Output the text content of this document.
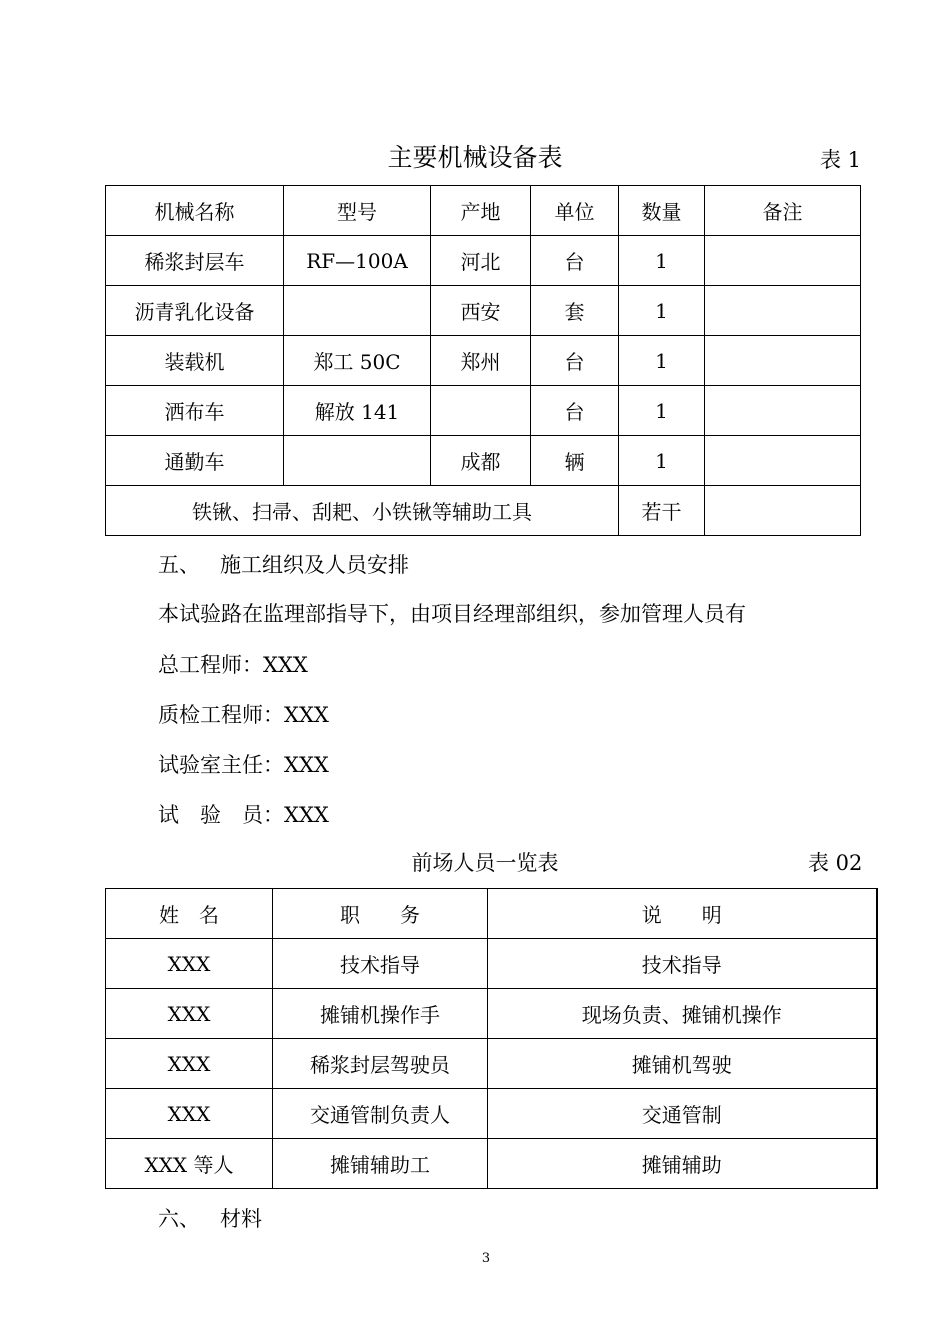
主要机械设备表	表 1
机械名称	型号	产地	单位	数量	备注
稀浆封层车	RF—100A	河北	台	1	
沥青乳化设备		西安	套	1	
装载机	郑工 50C	郑州	台	1	
洒布车	解放 141		台	1	
通勤车		成都	辆	1	
铁锹、扫帚、刮耙、小铁锹等辅助工具				若干	
五、 施工组织及人员安排
本试验路在监理部指导下，由项目经理部组织，参加管理人员有
总工程师：XXX
质检工程师：XXX
试验室主任：XXX
试　验　员：XXX
前场人员一览表	表 02
姓　名	职　　务	说　　明
XXX	技术指导	技术指导
XXX	摊铺机操作手	现场负责、摊铺机操作
XXX	稀浆封层驾驶员	摊铺机驾驶
XXX	交通管制负责人	交通管制
XXX 等人	摊铺辅助工	摊铺辅助
六、 材料
3
